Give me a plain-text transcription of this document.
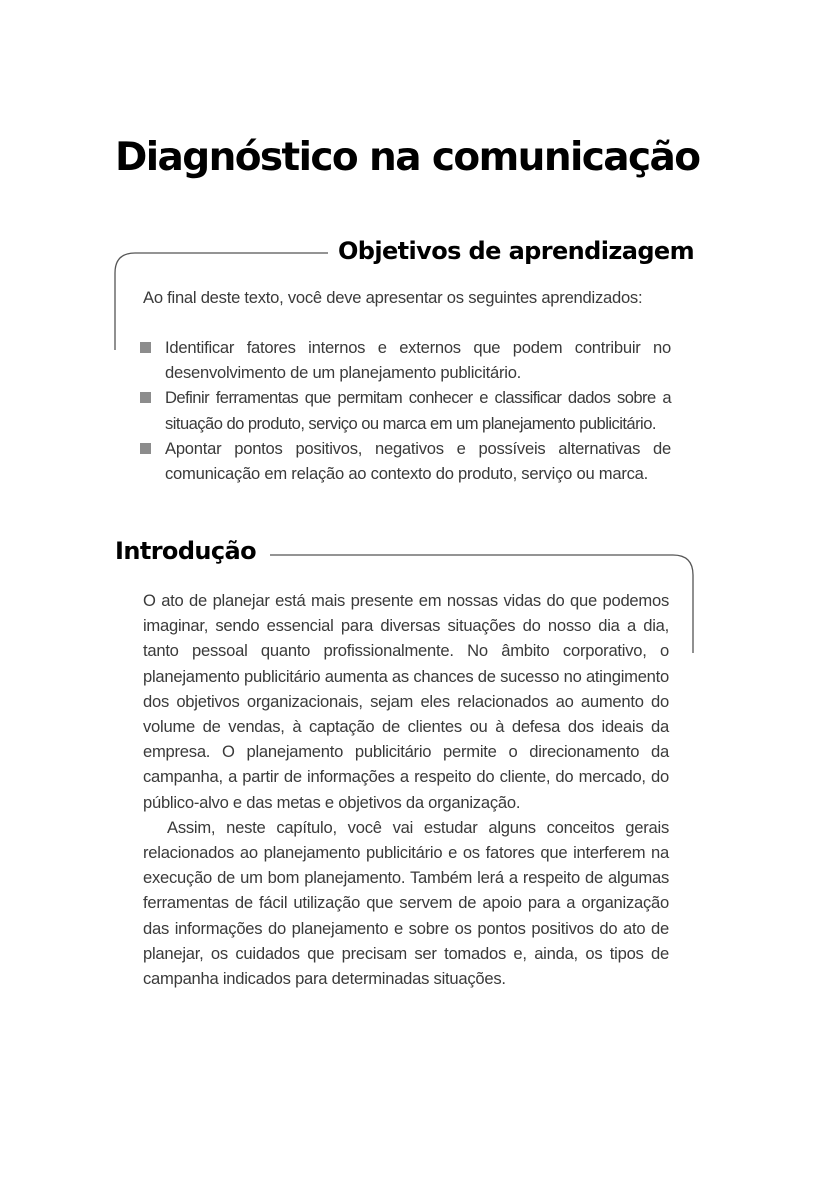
Diagnóstico na comunicação
Objetivos de aprendizagem
Ao final deste texto, você deve apresentar os seguintes aprendizados:
Identificar fatores internos e externos que podem contribuir no desenvolvimento de um planejamento publicitário.
Definir ferramentas que permitam conhecer e classificar dados sobre a situação do produto, serviço ou marca em um planejamento publicitário.
Apontar pontos positivos, negativos e possíveis alternativas de comunicação em relação ao contexto do produto, serviço ou marca.
Introdução

O ato de planejar está mais presente em nossas vidas do que podemos imaginar, sendo essencial para diversas situações do nosso dia a dia, tanto pessoal quanto profissionalmente. No âmbito corporativo, o planejamento publicitário aumenta as chances de sucesso no atingimento dos objetivos organizacionais, sejam eles relacionados ao aumento do volume de vendas, à captação de clientes ou à defesa dos ideais da empresa. O planejamento publicitário permite o direcionamento da campanha, a partir de informações a respeito do cliente, do mercado, do público-alvo e das metas e objetivos da organização.

Assim, neste capítulo, você vai estudar alguns conceitos gerais relacionados ao planejamento publicitário e os fatores que interferem na execução de um bom planejamento. Também lerá a respeito de algumas ferramentas de fácil utilização que servem de apoio para a organização das informações do planejamento e sobre os pontos positivos do ato de planejar, os cuidados que precisam ser tomados e, ainda, os tipos de campanha indicados para determinadas situações.
